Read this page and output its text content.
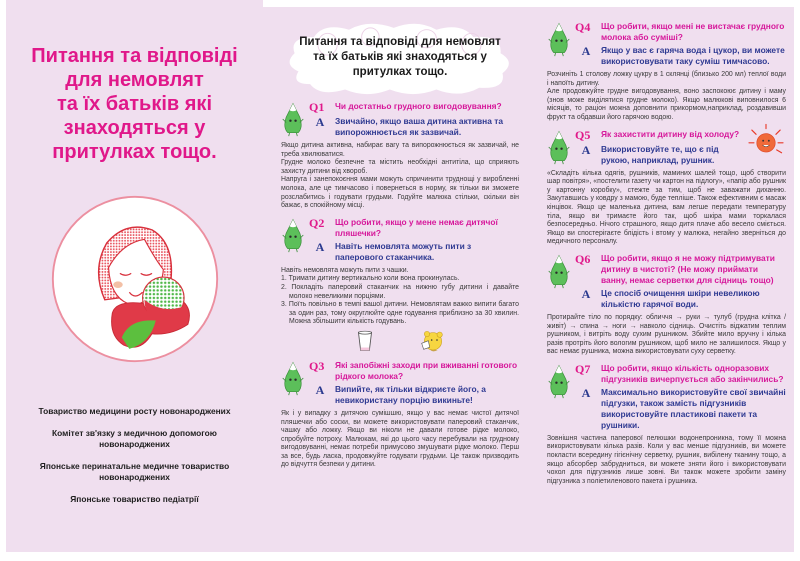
Питання та відповіді
для немовлят
та їх батьків які
знаходяться у
притулках тощо.
Товариство медицини росту новонароджених
Комітет зв'язку з медичною допомогою новонароджених
Японське перинатальне медичне товариство новонароджених
Японське товариство педіатрії
Питання та відповіді для немовлят
та їх батьків які знаходяться у
притулках тощо.
Q1	Чи достатньо грудного вигодовування?
A	Звичайно, якщо ваша дитина активна та випорожнюється як зазвичай.

Якщо дитина активна, набирає вагу та випорожнюється як зазвичай, не треба хвилюватися.

Грудне молоко безпечне та містить необхідні антитіла, що сприяють захисту дитини від хвороб.

Напруга і занепокоєння мами можуть спричинити труднощі у виробленні молока, але це тимчасово і повернеться в норму, як тільки ви зможете розслабитись і годувати грудьми. Годуйте малюка стільки, скільки він бажає, в спокійному місці.

Q2	Що робити, якщо у мене немає дитячої пляшечки?
A	Навіть немовлята можуть пити з паперового стаканчика.

Навіть немовлята можуть пити з чашки.

1. Тримати дитину вертикально коли вона прокинулась.
2. Покладіть паперовий стаканчик на нижню губу дитини і давайте молоко невеликими порціями.
3. Поїть повільно в темпі вашої дитини. Немовлятам важко випити багато за один раз, тому округлюйте одне годування приблизно за 30 хвилин. Можна збільшити кількість годувань.
Q3	Які запобіжні заходи при вживанні готового рідкого молока?
A	Випийте, як тільки відкриєте його, а невикористану порцію викиньте!

Як і у випадку з дитячою сумішшю, якщо у вас немає чистої дитячої пляшечки або соски, ви можете використовувати паперовий стаканчик, чашку або ложку. Якщо ви ніколи не давали готове рідке молоко, спробуйте потроху. Малюкам, які до цього часу перебували на грудному вигодовуванні, немає потреби примусово змушувати рідке молоко. Перш за все, будь ласка, продовжуйте годувати грудьми. Це також призводить до відчуття безпеки у дитини.

Q4	Що робити, якщо мені не вистачає грудного молока або суміші?
A	Якщо у вас є гаряча вода і цукор, ви можете використовувати таку суміш тимчасово.

Розчиніть 1 столову ложку цукру в 1 склянці (близько 200 мл) теплої води і напоїть дитину.

Але продовжуйте грудне вигодовування, воно заспокоює дитину і маму (знов може виділятися грудне молоко). Якщо малюкові виповнилося 6 місяців, то раціон можна доповнити прикормом,наприклад, роздавивши фрукт та обдавши його гарячою водою.

Q5	Як захистити дитину від холоду?
A	Використовуйте те, що є під рукою, наприклад, рушник.

«Складіть кілька одягів, рушників, маминих шалей тощо, щоб створити шар повітря», «постелити газету чи картон на підлогу», «папір або рушник у картонну коробку», стежте за тим, щоб не заважати диханню. Закутавшись у ковдру з мамою, буде тепліше. Також ефективним є масаж кінцівок. Якщо це маленька дитина, вам легше передати температуру тіла, якщо ви тримаєте його так, щоб шкіра мами торкалася безпосередньо. Нічого страшного, якщо дитя плаче або весело сміється. Якщо ви спостерігаєте блідість і втому у малюка, негайно зверніться до медичного персоналу.

Q6	Що робити, якщо я не можу підтримувати дитину в чистоті? (Не можу приймати ванну, немає серветки для сідниць тощо)
A	Це спосіб очищення шкіри невеликою кількістю гарячої води.

Протирайте тіло по порядку: обличчя → руки → тулуб (грудна клітка / живіт) → спина → ноги → навколо сідниць. Очистіть віджатим теплим рушником, і витріть воду сухим рушником. Збийте мило вручну і кілька разів протріть його вологим рушником, щоб мило не залишилося. Якщо у вас немає рушника, можна використовувати суху серветку.

Q7	Що робити, якщо кількість одноразових підгузників вичерпується або закінчились?
A	Максимально використовуйте свої звичайні підгузки, також замість підгузників використовуйте пластикові пакети та рушники.

Зовнішня частина паперової пелюшки водонепроникна, тому її можна використовувати кілька разів. Коли у вас менше підгузників, ви можете покласти всередину гігієнічну серветку, рушник, вибілену тканину тощо, а якщо абсорбер забрудниться, ви можете зняти його і використовувати чохол для підгузників лише зовні. Ви також можете зробити заміну підгузника з поліетиленового пакета і рушника.
